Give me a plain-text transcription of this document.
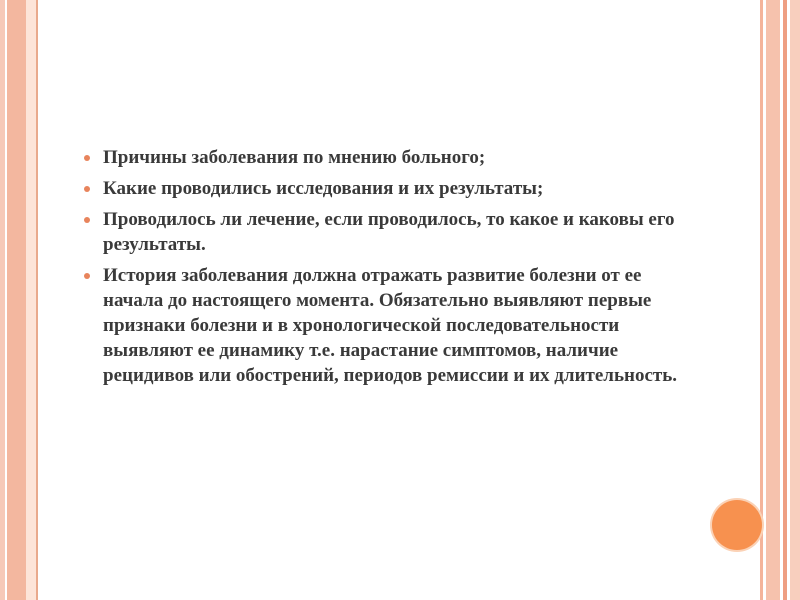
Причины заболевания по мнению больного;
Какие проводились исследования и их результаты;
Проводилось ли лечение, если проводилось, то какое и каковы его результаты.
История заболевания должна отражать развитие болезни от ее начала до настоящего момента. Обязательно выявляют первые признаки болезни и в хронологической последовательности выявляют ее динамику т.е. нарастание симптомов, наличие рецидивов или обострений, периодов ремиссии и их длительность.
